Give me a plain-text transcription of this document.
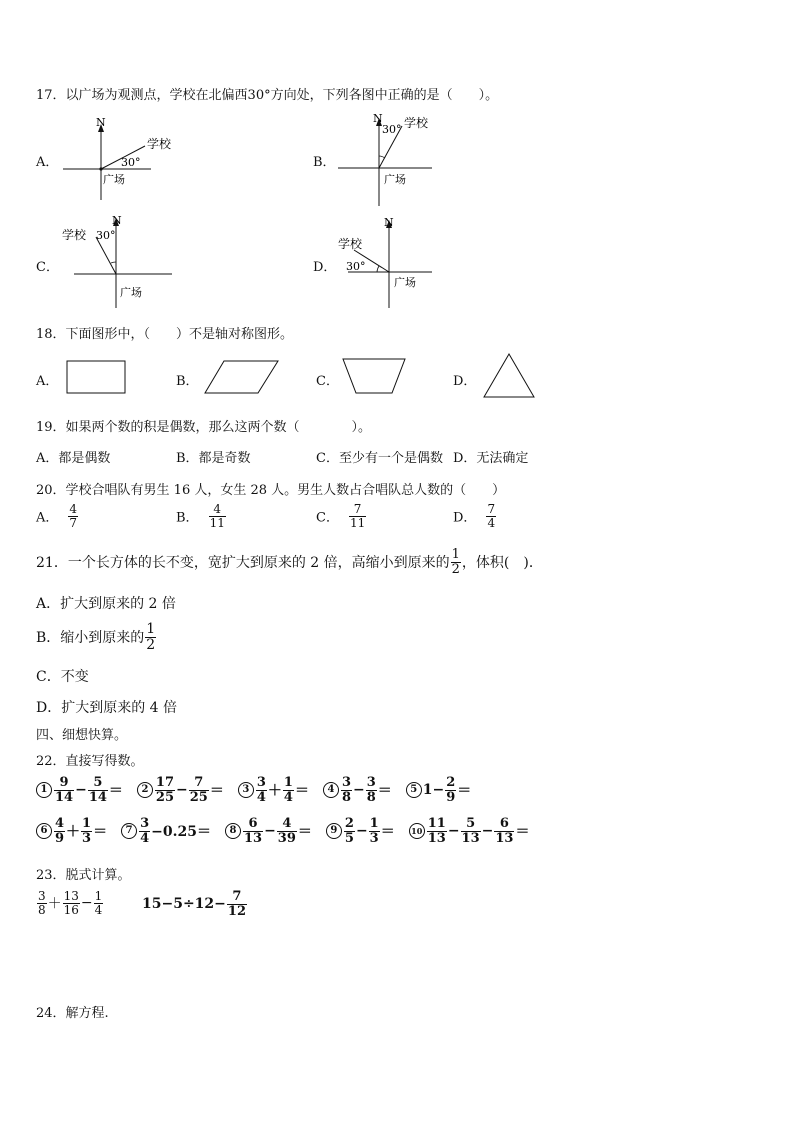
17．以广场为观测点，学校在北偏西30°方向处，下列各图中正确的是（　　）。
A．
N
学校
30°
广场
B．
N
30° 学校
广场
C．
N
学校 30°
广场
D．
N
学校
30°
广场
18．下面图形中，（　　）不是轴对称图形。
A．	B．	C．	D．
19．如果两个数的积是偶数，那么这两个数（　　　　）。
A．都是偶数	B．都是奇数	C．至少有一个是偶数 D．无法确定
20．学校合唱队有男生 16 人，女生 28 人。男生人数占合唱队总人数的（　　）
A． $\frac{4}{7}$	B． $\frac{4}{11}$	C． $\frac{7}{11}$	D． $\frac{7}{4}$
21．一个长方体的长不变，宽扩大到原来的 2 倍，高缩小到原来的 $\frac{1}{2}$ ，体积(　)．
A．扩大到原来的 2 倍
B．缩小到原来的 $\frac{1}{2}$
C．不变
D．扩大到原来的 4 倍
四、细想快算。
22．直接写得数。
$1 \frac{9}{14} - \frac{5}{14} = 2 \frac{17}{25} - \frac{7}{25} = 3 \frac{3}{4} + \frac{1}{4} = 4 \frac{3}{8} - \frac{3}{8} = 5$ $1- \frac{2}{9}$ ＝
$6 \frac{4}{9} + \frac{1}{3} = 7 \frac{3}{4} -0.25= 8 \frac{6}{13} - \frac{4}{39} = 9 \frac{2}{5} - \frac{1}{3} = 10 \frac{11}{13} - \frac{5}{13} - \frac{6}{13}$ ＝
23．脱式计算。
$\frac{3}{8} + \frac{13}{16} - \frac{1}{4}$	$15-5\div 12- \frac{7}{12}$
24．解方程.
